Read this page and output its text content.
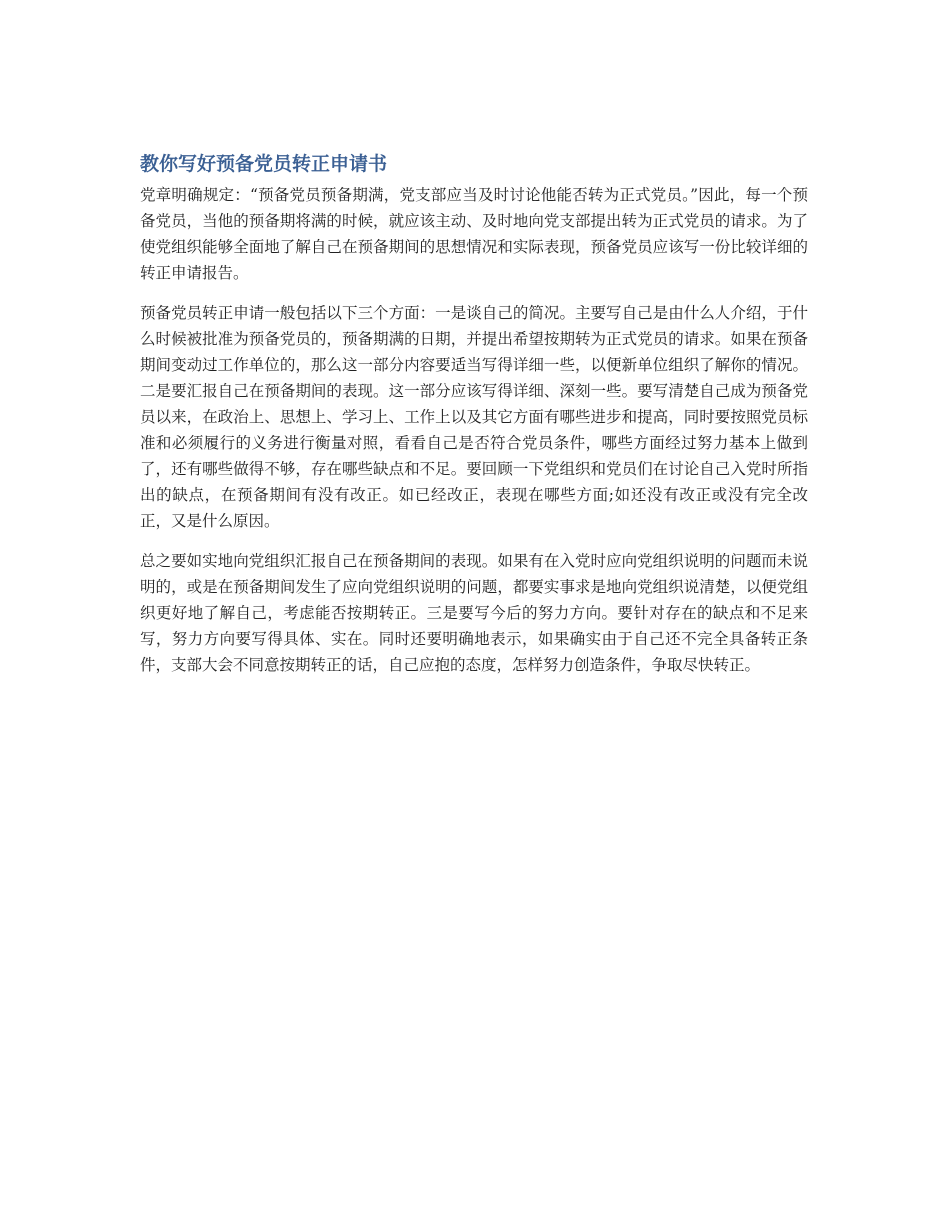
教你写好预备党员转正申请书

党章明确规定：“预备党员预备期满，党支部应当及时讨论他能否转为正式党员。”因此，每一个预备党员，当他的预备期将满的时候，就应该主动、及时地向党支部提出转为正式党员的请求。为了使党组织能够全面地了解自己在预备期间的思想情况和实际表现，预备党员应该写一份比较详细的转正申请报告。

预备党员转正申请一般包括以下三个方面：一是谈自己的简况。主要写自己是由什么人介绍，于什么时候被批准为预备党员的，预备期满的日期，并提出希望按期转为正式党员的请求。如果在预备期间变动过工作单位的，那么这一部分内容要适当写得详细一些，以便新单位组织了解你的情况。二是要汇报自己在预备期间的表现。这一部分应该写得详细、深刻一些。要写清楚自己成为预备党员以来，在政治上、思想上、学习上、工作上以及其它方面有哪些进步和提高，同时要按照党员标准和必须履行的义务进行衡量对照，看看自己是否符合党员条件，哪些方面经过努力基本上做到了，还有哪些做得不够，存在哪些缺点和不足。要回顾一下党组织和党员们在讨论自己入党时所指出的缺点，在预备期间有没有改正。如已经改正，表现在哪些方面;如还没有改正或没有完全改正，又是什么原因。

总之要如实地向党组织汇报自己在预备期间的表现。如果有在入党时应向党组织说明的问题而未说明的，或是在预备期间发生了应向党组织说明的问题，都要实事求是地向党组织说清楚，以便党组织更好地了解自己，考虑能否按期转正。三是要写今后的努力方向。要针对存在的缺点和不足来写，努力方向要写得具体、实在。同时还要明确地表示，如果确实由于自己还不完全具备转正条件，支部大会不同意按期转正的话，自己应抱的态度，怎样努力创造条件，争取尽快转正。
